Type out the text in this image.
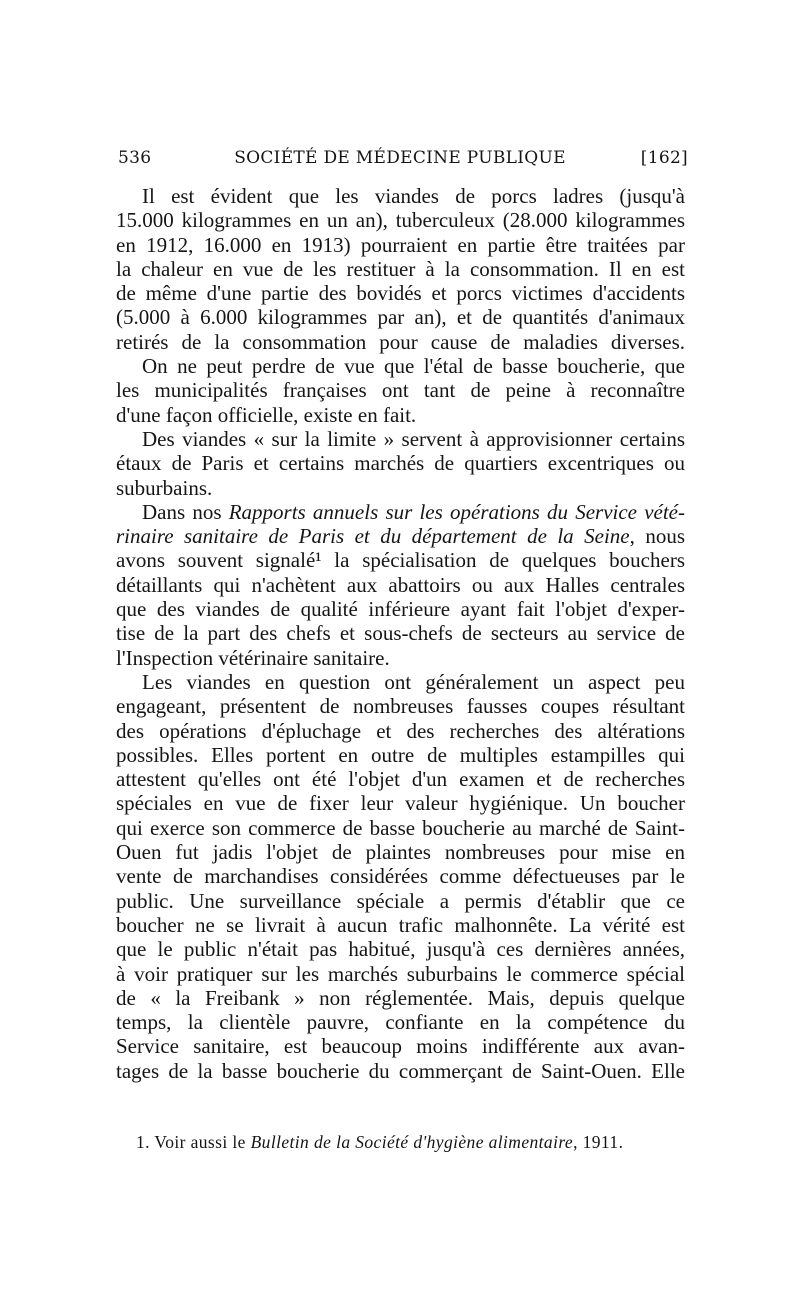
536	SOCIÉTÉ DE MÉDECINE PUBLIQUE	[162]
Il est évident que les viandes de porcs ladres (jusqu'à
15.000 kilogrammes en un an), tuberculeux (28.000 kilogrammes
en 1912, 16.000 en 1913) pourraient en partie être traitées par
la chaleur en vue de les restituer à la consommation. Il en est
de même d'une partie des bovidés et porcs victimes d'accidents
(5.000 à 6.000 kilogrammes par an), et de quantités d'animaux
retirés de la consommation pour cause de maladies diverses.
On ne peut perdre de vue que l'étal de basse boucherie, que
les municipalités françaises ont tant de peine à reconnaître
d'une façon officielle, existe en fait.
Des viandes « sur la limite » servent à approvisionner certains
étaux de Paris et certains marchés de quartiers excentriques ou
suburbains.
Dans nos Rapports annuels sur les opérations du Service vété-
rinaire sanitaire de Paris et du département de la Seine, nous
avons souvent signalé¹ la spécialisation de quelques bouchers
détaillants qui n'achètent aux abattoirs ou aux Halles centrales
que des viandes de qualité inférieure ayant fait l'objet d'exper-
tise de la part des chefs et sous-chefs de secteurs au service de
l'Inspection vétérinaire sanitaire.
Les viandes en question ont généralement un aspect peu
engageant, présentent de nombreuses fausses coupes résultant
des opérations d'épluchage et des recherches des altérations
possibles. Elles portent en outre de multiples estampilles qui
attestent qu'elles ont été l'objet d'un examen et de recherches
spéciales en vue de fixer leur valeur hygiénique. Un boucher
qui exerce son commerce de basse boucherie au marché de Saint-
Ouen fut jadis l'objet de plaintes nombreuses pour mise en
vente de marchandises considérées comme défectueuses par le
public. Une surveillance spéciale a permis d'établir que ce
boucher ne se livrait à aucun trafic malhonnête. La vérité est
que le public n'était pas habitué, jusqu'à ces dernières années,
à voir pratiquer sur les marchés suburbains le commerce spécial
de « la Freibank » non réglementée. Mais, depuis quelque
temps, la clientèle pauvre, confiante en la compétence du
Service sanitaire, est beaucoup moins indifférente aux avan-
tages de la basse boucherie du commerçant de Saint-Ouen. Elle
1. Voir aussi le Bulletin de la Société d'hygiène alimentaire, 1911.
